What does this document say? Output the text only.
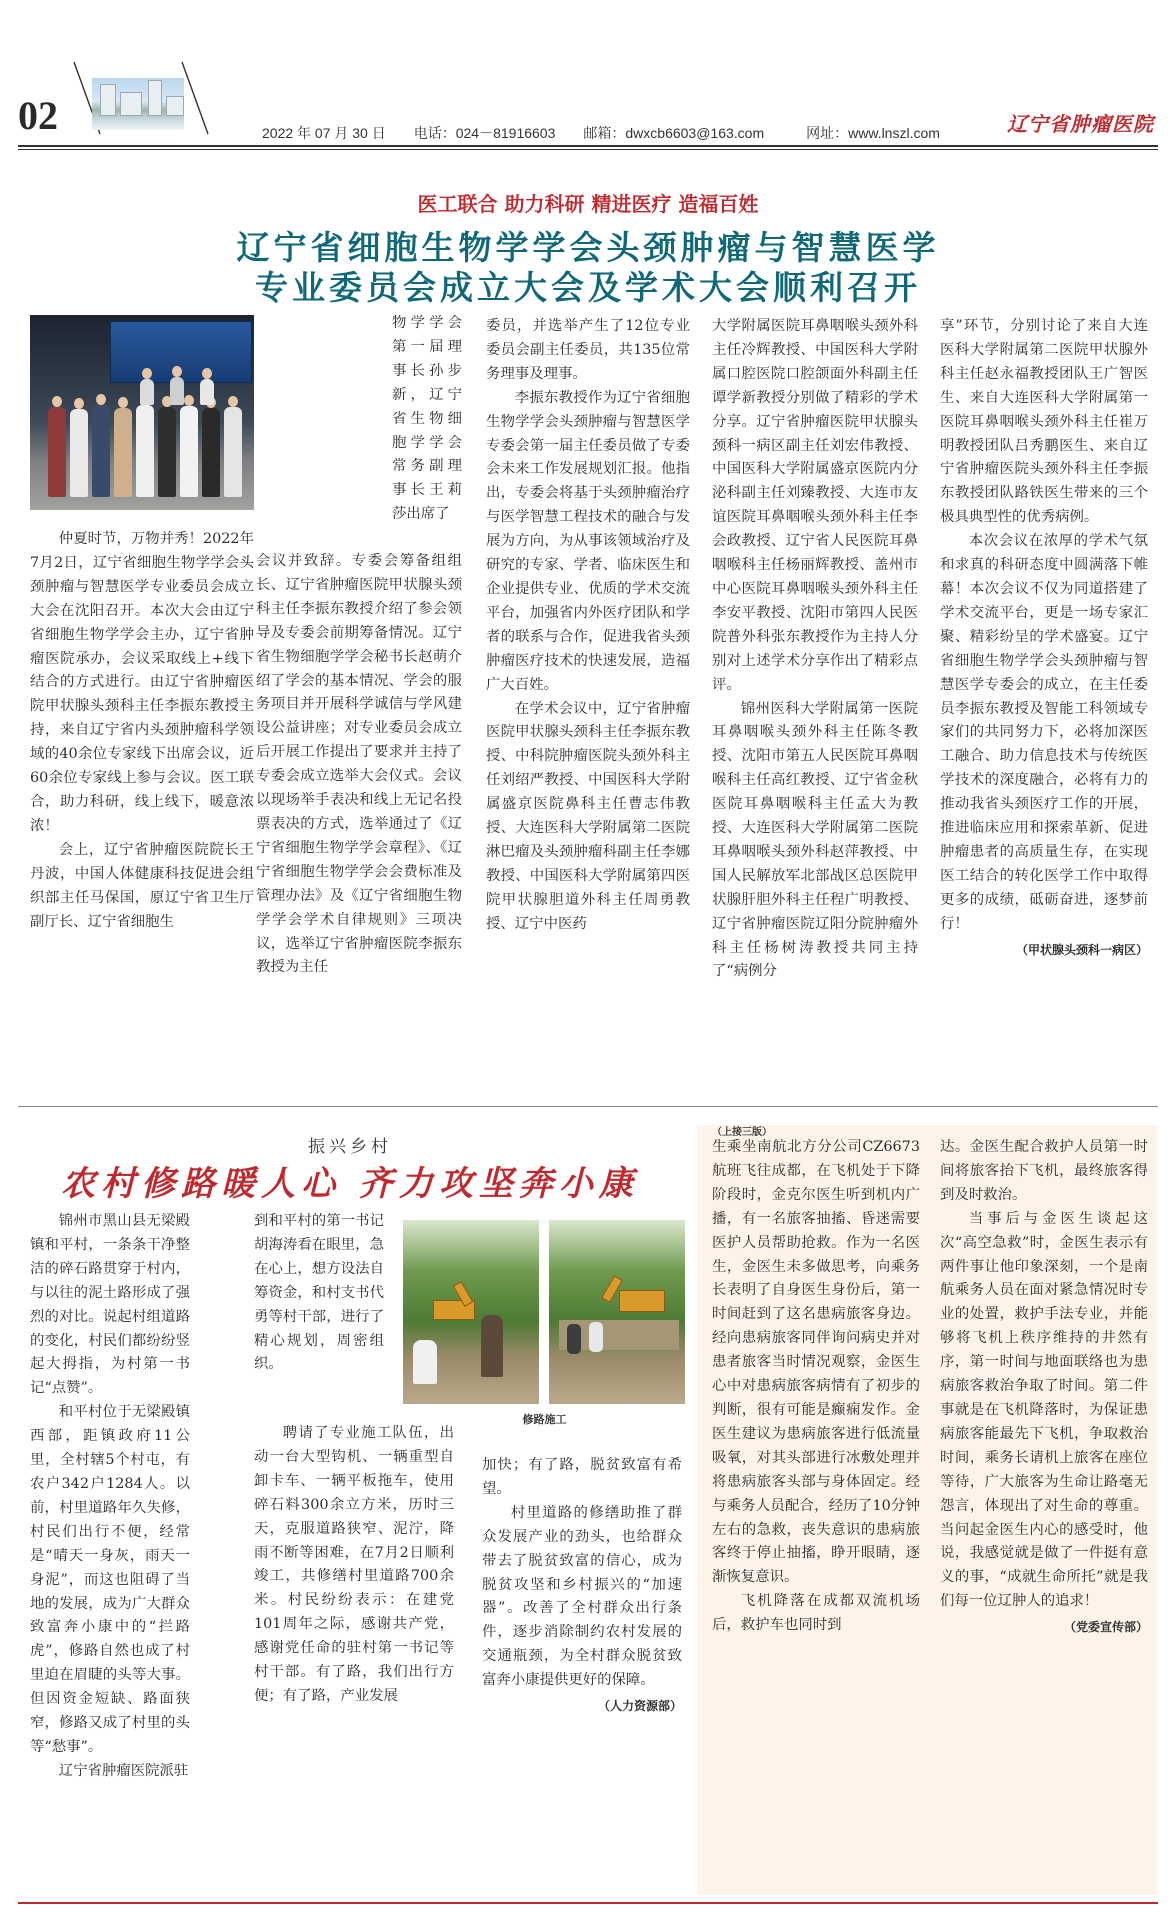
02	2022 年 07 月 30 日　　电话：024－81916603　　邮箱：dwxcb6603@163.com　　　网址：www.lnszl.com	辽宁省肿瘤医院
医工联合 助力科研 精进医疗 造福百姓
辽宁省细胞生物学学会头颈肿瘤与智慧医学
专业委员会成立大会及学术大会顺利召开

物学学会第一届理事长孙步新，辽宁省生物细胞学学会常务副理事长王莉莎出席了

会议并致辞。专委会筹备组组长、辽宁省肿瘤医院甲状腺头颈科主任李振东教授介绍了参会领导及专委会前期筹备情况。辽宁省生物细胞学学会秘书长赵萌介绍了学会的基本情况、学会的服务项目并开展科学诚信与学风建设公益讲座；对专业委员会成立后开展工作提出了要求并主持了专委会成立选举大会仪式。会议以现场举手表决和线上无记名投票表决的方式，选举通过了《辽宁省细胞生物学学会章程》、《辽宁省细胞生物学学会会费标准及管理办法》及《辽宁省细胞生物学学会学术自律规则》三项决议，选举辽宁省肿瘤医院李振东教授为主任

仲夏时节，万物并秀！2022年7月2日，辽宁省细胞生物学学会头颈肿瘤与智慧医学专业委员会成立大会在沈阳召开。本次大会由辽宁省细胞生物学学会主办，辽宁省肿瘤医院承办，会议采取线上+线下结合的方式进行。由辽宁省肿瘤医院甲状腺头颈科主任李振东教授主持，来自辽宁省内头颈肿瘤科学领域的40余位专家线下出席会议，近60余位专家线上参与会议。医工联合，助力科研，线上线下，暖意浓浓！

会上，辽宁省肿瘤医院院长王丹波，中国人体健康科技促进会组织部主任马保国，原辽宁省卫生厅副厅长、辽宁省细胞生

委员，并选举产生了12位专业委员会副主任委员，共135位常务理事及理事。

李振东教授作为辽宁省细胞生物学学会头颈肿瘤与智慧医学专委会第一届主任委员做了专委会未来工作发展规划汇报。他指出，专委会将基于头颈肿瘤治疗与医学智慧工程技术的融合与发展为方向，为从事该领域治疗及研究的专家、学者、临床医生和企业提供专业、优质的学术交流平台，加强省内外医疗团队和学者的联系与合作，促进我省头颈肿瘤医疗技术的快速发展，造福广大百姓。

在学术会议中，辽宁省肿瘤医院甲状腺头颈科主任李振东教授、中科院肿瘤医院头颈外科主任刘绍严教授、中国医科大学附属盛京医院鼻科主任曹志伟教授、大连医科大学附属第二医院淋巴瘤及头颈肿瘤科副主任李娜教授、中国医科大学附属第四医院甲状腺胆道外科主任周勇教授、辽宁中医药

大学附属医院耳鼻咽喉头颈外科主任冷辉教授、中国医科大学附属口腔医院口腔颌面外科副主任谭学新教授分别做了精彩的学术分享。辽宁省肿瘤医院甲状腺头颈科一病区副主任刘宏伟教授、中国医科大学附属盛京医院内分泌科副主任刘臻教授、大连市友谊医院耳鼻咽喉头颈外科主任李会政教授、辽宁省人民医院耳鼻咽喉科主任杨丽辉教授、盖州市中心医院耳鼻咽喉头颈外科主任李安平教授、沈阳市第四人民医院普外科张东教授作为主持人分别对上述学术分享作出了精彩点评。

锦州医科大学附属第一医院耳鼻咽喉头颈外科主任陈冬教授、沈阳市第五人民医院耳鼻咽喉科主任高红教授、辽宁省金秋医院耳鼻咽喉科主任孟大为教授、大连医科大学附属第二医院耳鼻咽喉头颈外科赵萍教授、中国人民解放军北部战区总医院甲状腺肝胆外科主任程广明教授、辽宁省肿瘤医院辽阳分院肿瘤外科主任杨树涛教授共同主持了“病例分

享”环节，分别讨论了来自大连医科大学附属第二医院甲状腺外科主任赵永福教授团队王广智医生、来自大连医科大学附属第一医院耳鼻咽喉头颈外科主任崔万明教授团队吕秀鹏医生、来自辽宁省肿瘤医院头颈外科主任李振东教授团队路铁医生带来的三个极具典型性的优秀病例。

本次会议在浓厚的学术气氛和求真的科研态度中圆满落下帷幕！本次会议不仅为同道搭建了学术交流平台，更是一场专家汇聚、精彩纷呈的学术盛宴。辽宁省细胞生物学学会头颈肿瘤与智慧医学专委会的成立，在主任委员李振东教授及智能工科领域专家们的共同努力下，必将加深医工融合、助力信息技术与传统医学技术的深度融合，必将有力的推动我省头颈医疗工作的开展，推进临床应用和探索革新、促进肿瘤患者的高质量生存，在实现医工结合的转化医学工作中取得更多的成绩，砥砺奋进，逐梦前行！

（甲状腺头颈科一病区）
振兴乡村
农村修路暖人心 齐力攻坚奔小康

锦州市黑山县无梁殿镇和平村，一条条干净整洁的碎石路贯穿于村内，与以往的泥土路形成了强烈的对比。说起村组道路的变化，村民们都纷纷竖起大拇指，为村第一书记“点赞”。

和平村位于无梁殿镇西部，距镇政府11公里，全村辖5个村屯，有农户342户1284人。以前，村里道路年久失修，村民们出行不便，经常是“晴天一身灰，雨天一身泥”，而这也阻碍了当地的发展，成为广大群众致富奔小康中的“拦路虎”，修路自然也成了村里迫在眉睫的头等大事。但因资金短缺、路面狭窄，修路又成了村里的头等“愁事”。

辽宁省肿瘤医院派驻

到和平村的第一书记胡海涛看在眼里，急在心上，想方设法自筹资金，和村支书代勇等村干部，进行了精心规划，周密组织。

聘请了专业施工队伍，出动一台大型钩机、一辆重型自卸卡车、一辆平板拖车，使用碎石料300余立方米，历时三天，克服道路狭窄、泥泞，降雨不断等困难，在7月2日顺利竣工，共修缮村里道路700余米。村民纷纷表示：在建党101周年之际，感谢共产党，感谢党任命的驻村第一书记等村干部。有了路，我们出行方便；有了路，产业发展

加快；有了路，脱贫致富有希望。

村里道路的修缮助推了群众发展产业的劲头，也给群众带去了脱贫致富的信心，成为脱贫攻坚和乡村振兴的“加速器”。改善了全村群众出行条件，逐步消除制约农村发展的交通瓶颈，为全村群众脱贫致富奔小康提供更好的保障。

（人力资源部）
修路施工
（上接三版）

生乘坐南航北方分公司CZ6673航班飞往成都，在飞机处于下降阶段时，金克尔医生听到机内广播，有一名旅客抽搐、昏迷需要医护人员帮助抢救。作为一名医生，金医生未多做思考，向乘务长表明了自身医生身份后，第一时间赶到了这名患病旅客身边。经向患病旅客同伴询问病史并对患者旅客当时情况观察，金医生心中对患病旅客病情有了初步的判断，很有可能是癫痫发作。金医生建议为患病旅客进行低流量吸氧，对其头部进行冰敷处理并将患病旅客头部与身体固定。经与乘务人员配合，经历了10分钟左右的急救，丧失意识的患病旅客终于停止抽搐，睁开眼睛，逐渐恢复意识。

飞机降落在成都双流机场后，救护车也同时到

达。金医生配合救护人员第一时间将旅客抬下飞机，最终旅客得到及时救治。

当事后与金医生谈起这次“高空急救”时，金医生表示有两件事让他印象深刻，一个是南航乘务人员在面对紧急情况时专业的处置，救护手法专业，并能够将飞机上秩序维持的井然有序，第一时间与地面联络也为患病旅客救治争取了时间。第二件事就是在飞机降落时，为保证患病旅客能最先下飞机，争取救治时间，乘务长请机上旅客在座位等待，广大旅客为生命让路毫无怨言，体现出了对生命的尊重。当问起金医生内心的感受时，他说，我感觉就是做了一件挺有意义的事，“成就生命所托”就是我们每一位辽肿人的追求！

（党委宣传部）
